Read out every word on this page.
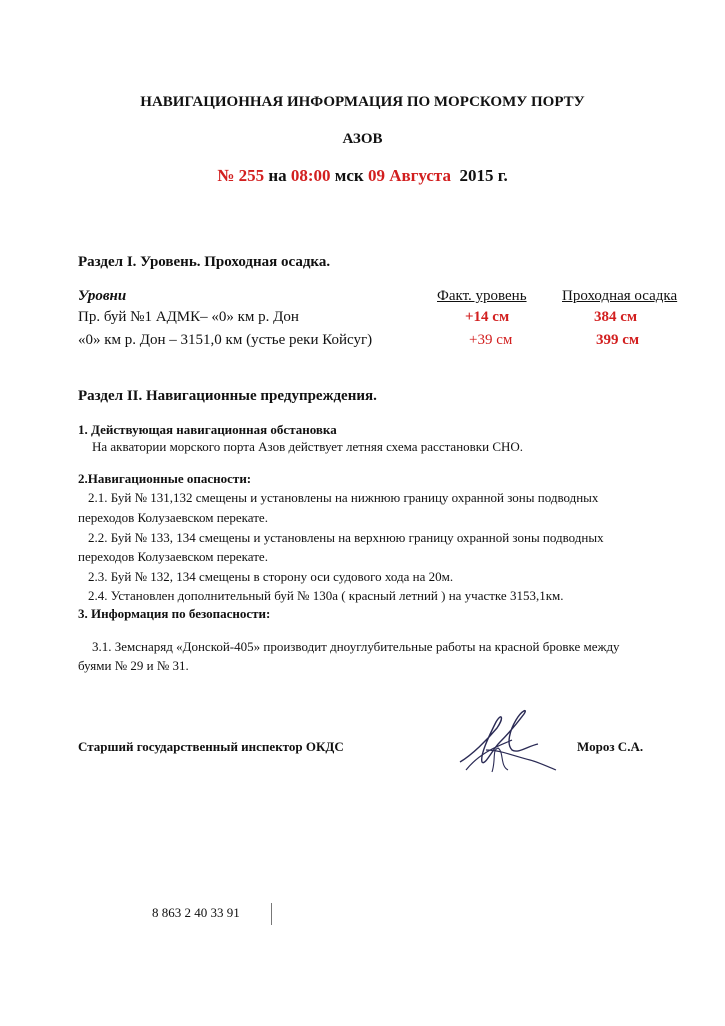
НАВИГАЦИОННАЯ ИНФОРМАЦИЯ ПО МОРСКОМУ ПОРТУ
АЗОВ
№ 255 на 08:00 мск 09 Августа 2015 г.
Раздел I. Уровень. Проходная осадка.
Уровни	Факт. уровень Проходная осадка
Пр. буй №1 АДМК– «0» км р. Дон	+14 см	384 см
«0» км р. Дон – 3151,0 км (устье реки Койсуг)	+39 см	399 см
Раздел II. Навигационные предупреждения.
1. Действующая навигационная обстановка
На акватории морского порта Азов действует летняя схема расстановки СНО.
2.Навигационные опасности:
2.1. Буй № 131,132 смещены и установлены на нижнюю границу охранной зоны подводных
переходов Колузаевском перекате.
2.2. Буй № 133, 134 смещены и установлены на верхнюю границу охранной зоны подводных
переходов Колузаевском перекате.
2.3. Буй № 132, 134 смещены в сторону оси судового хода на 20м.
2.4. Установлен дополнительный буй № 130а ( красный летний ) на участке 3153,1км.
3. Информация по безопасности:
3.1. Земснаряд «Донской-405» производит дноуглубительные работы на красной бровке между
буями № 29 и № 31.
Старший государственный инспектор ОКДС	Мороз С.А.
8 863 2 40 33 91
